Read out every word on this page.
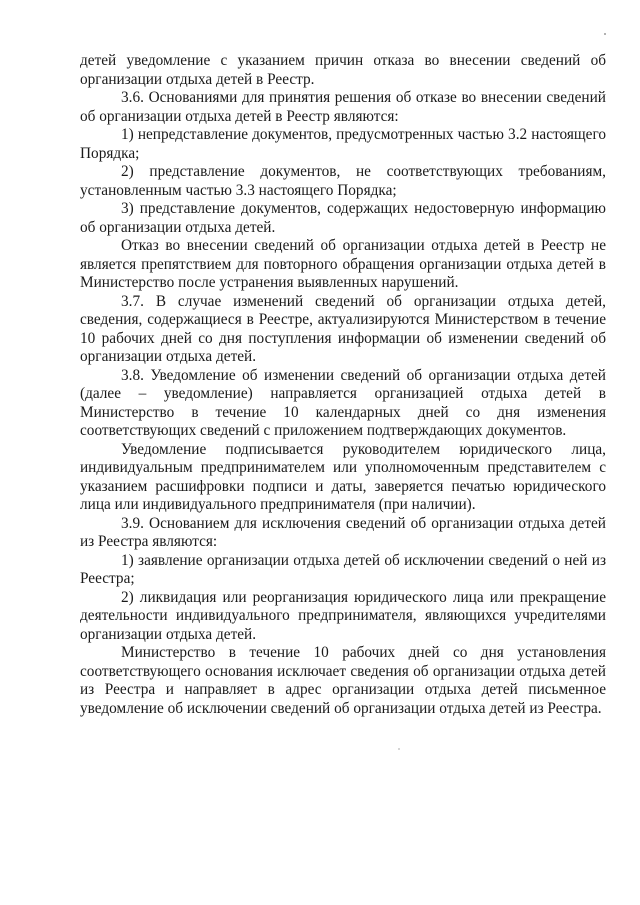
детей уведомление с указанием причин отказа во внесении сведений об организации отдыха детей в Реестр.

3.6. Основаниями для принятия решения об отказе во внесении сведений об организации отдыха детей в Реестр являются:

1) непредставление документов, предусмотренных частью 3.2 настоящего Порядка;

2) представление документов, не соответствующих требованиям, установленным частью 3.3 настоящего Порядка;

3) представление документов, содержащих недостоверную информацию об организации отдыха детей.

Отказ во внесении сведений об организации отдыха детей в Реестр не является препятствием для повторного обращения организации отдыха детей в Министерство после устранения выявленных нарушений.

3.7. В случае изменений сведений об организации отдыха детей, сведения, содержащиеся в Реестре, актуализируются Министерством в течение 10 рабочих дней со дня поступления информации об изменении сведений об организации отдыха детей.

3.8. Уведомление об изменении сведений об организации отдыха детей (далее – уведомление) направляется организацией отдыха детей в Министерство в течение 10 календарных дней со дня изменения соответствующих сведений с приложением подтверждающих документов.

Уведомление подписывается руководителем юридического лица, индивидуальным предпринимателем или уполномоченным представителем с указанием расшифровки подписи и даты, заверяется печатью юридического лица или индивидуального предпринимателя (при наличии).

3.9. Основанием для исключения сведений об организации отдыха детей из Реестра являются:

1) заявление организации отдыха детей об исключении сведений о ней из Реестра;

2) ликвидация или реорганизация юридического лица или прекращение деятельности индивидуального предпринимателя, являющихся учредителями организации отдыха детей.

Министерство в течение 10 рабочих дней со дня установления соответствующего основания исключает сведения об организации отдыха детей из Реестра и направляет в адрес организации отдыха детей письменное уведомление об исключении сведений об организации отдыха детей из Реестра.
